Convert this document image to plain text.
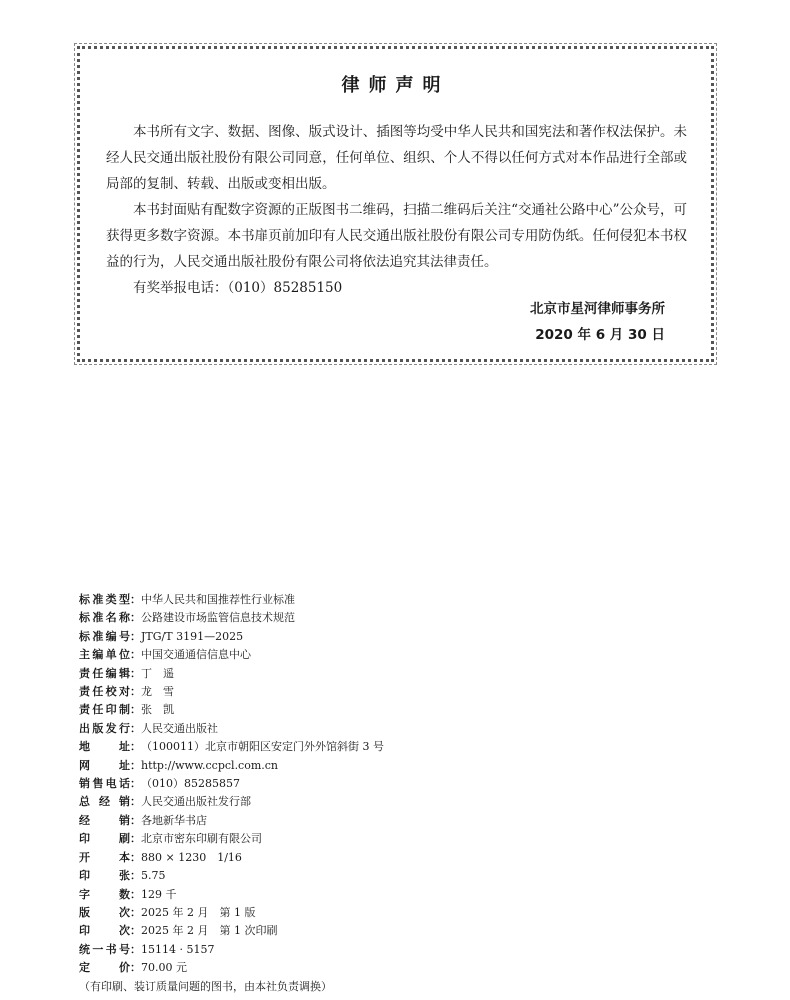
律师声明

本书所有文字、数据、图像、版式设计、插图等均受中华人民共和国宪法和著作权法保护。未经人民交通出版社股份有限公司同意，任何单位、组织、个人不得以任何方式对本作品进行全部或局部的复制、转载、出版或变相出版。

本书封面贴有配数字资源的正版图书二维码，扫描二维码后关注“交通社公路中心”公众号，可获得更多数字资源。本书扉页前加印有人民交通出版社股份有限公司专用防伪纸。任何侵犯本书权益的行为，人民交通出版社股份有限公司将依法追究其法律责任。

有奖举报电话：（010）85285150

北京市星河律师事务所
2020 年 6 月 30 日
标 准 类 型 ： 中华人民共和国推荐性行业标准
标 准 名 称 ： 公路建设市场监管信息技术规范
标 准 编 号 ： JTG/T 3191—2025
主 编 单 位 ： 中国交通通信信息中心
责 任 编 辑 ： 丁　遥
责 任 校 对 ： 龙　雪
责 任 印 制 ： 张　凯
出 版 发 行 ： 人民交通出版社
地	址 ： （100011）北京市朝阳区安定门外外馆斜街 3 号
网	址 ： http://www.ccpcl.com.cn
销 售 电 话 ： （010）85285857
总 经 销 ： 人民交通出版社发行部
经	销 ： 各地新华书店
印	刷 ： 北京市密东印刷有限公司
开	本 ： 880 × 1230　1/16
印	张 ： 5.75
字	数 ： 129 千
版	次 ： 2025 年 2 月　第 1 版
印	次 ： 2025 年 2 月　第 1 次印刷
统 一 书 号 ： 15114 · 5157
定	价 ： 70.00 元
（有印刷、装订质量问题的图书，由本社负责调换）
